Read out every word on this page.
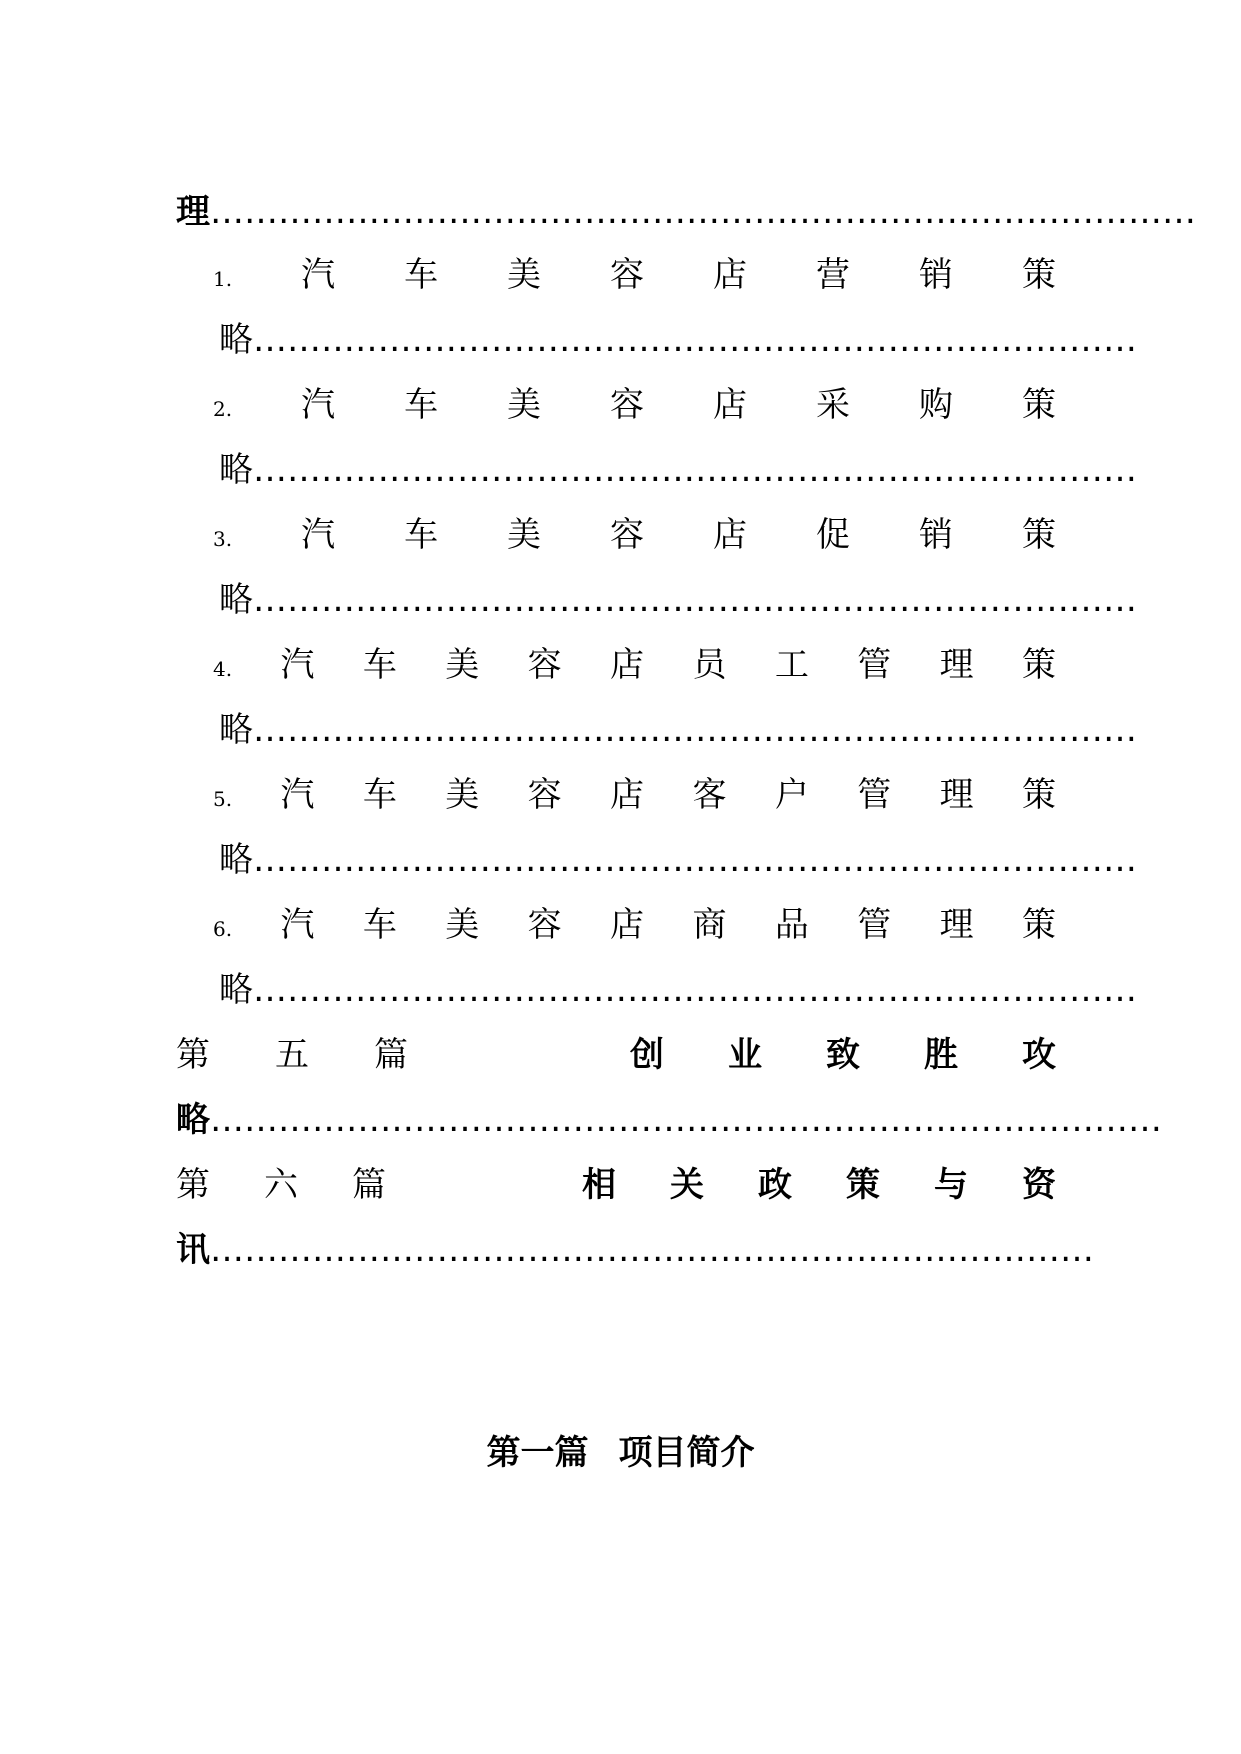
理 ……………………………………………………………………………
1. 汽 车 美 容 店 营 销 策
略 ……………………………………………………………………
2. 汽 车 美 容 店 采 购 策
略 ……………………………………………………………………
3. 汽 车 美 容 店 促 销 策
略 ……………………………………………………………………
4. 汽 车 美 容 店 员 工 管 理 策
略 ……………………………………………………………………
5. 汽 车 美 容 店 客 户 管 理 策
略 ……………………………………………………………………
6. 汽 车 美 容 店 商 品 管 理 策
略 ……………………………………………………………………
第 五 篇	创 业 致 胜 攻
略 …………………………………………………………………………
第 六 篇	相 关 政 策 与 资
讯 ……………………………………………………………………
第一篇 项目简介
